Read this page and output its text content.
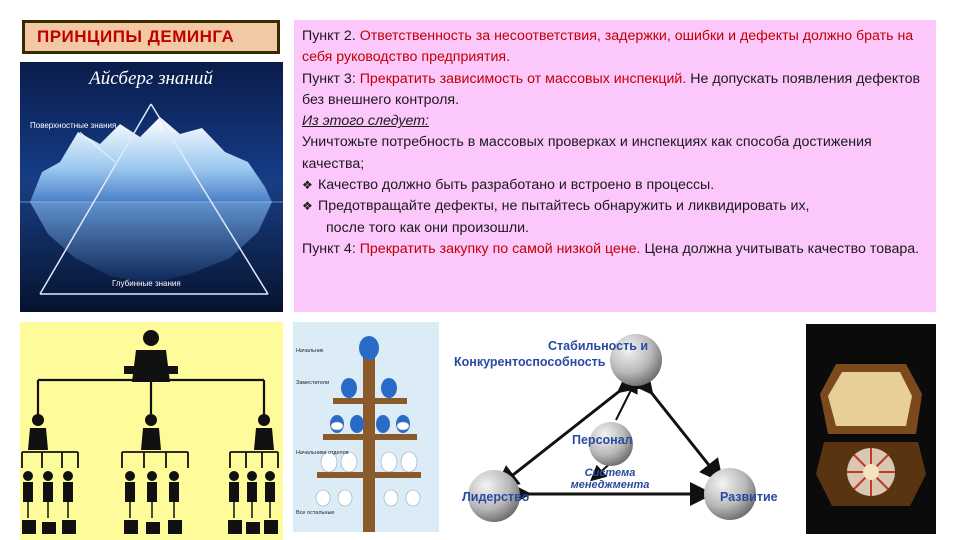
ПРИНЦИПЫ ДЕМИНГА
Айсберг знаний
Поверхностные знания
Глубинные знания

Пункт 2. Ответственность за несоответствия, задержки, ошибки и дефекты должно брать на себя руководство предприятия.

Пункт 3: Прекратить зависимость от массовых инспекций. Не допускать появления дефектов без внешнего контроля.

Из этого следует:

Уничтожьте потребность в массовых проверках и инспекциях как способа достижения качества;

❖ Качество должно быть разработано и встроено в процессы.
❖ Предотвращайте дефекты, не пытайтесь обнаружить и ликвидировать их,

после того как они произошли.

Пункт 4: Прекратить закупку по самой низкой цене. Цена должна учитывать качество товара.

Начальник
Заместители
Начальники отделов
Все остальные
Стабильность и
Конкурентоспособность
Персонал
Лидерство	Развитие
Система
менеджмента
